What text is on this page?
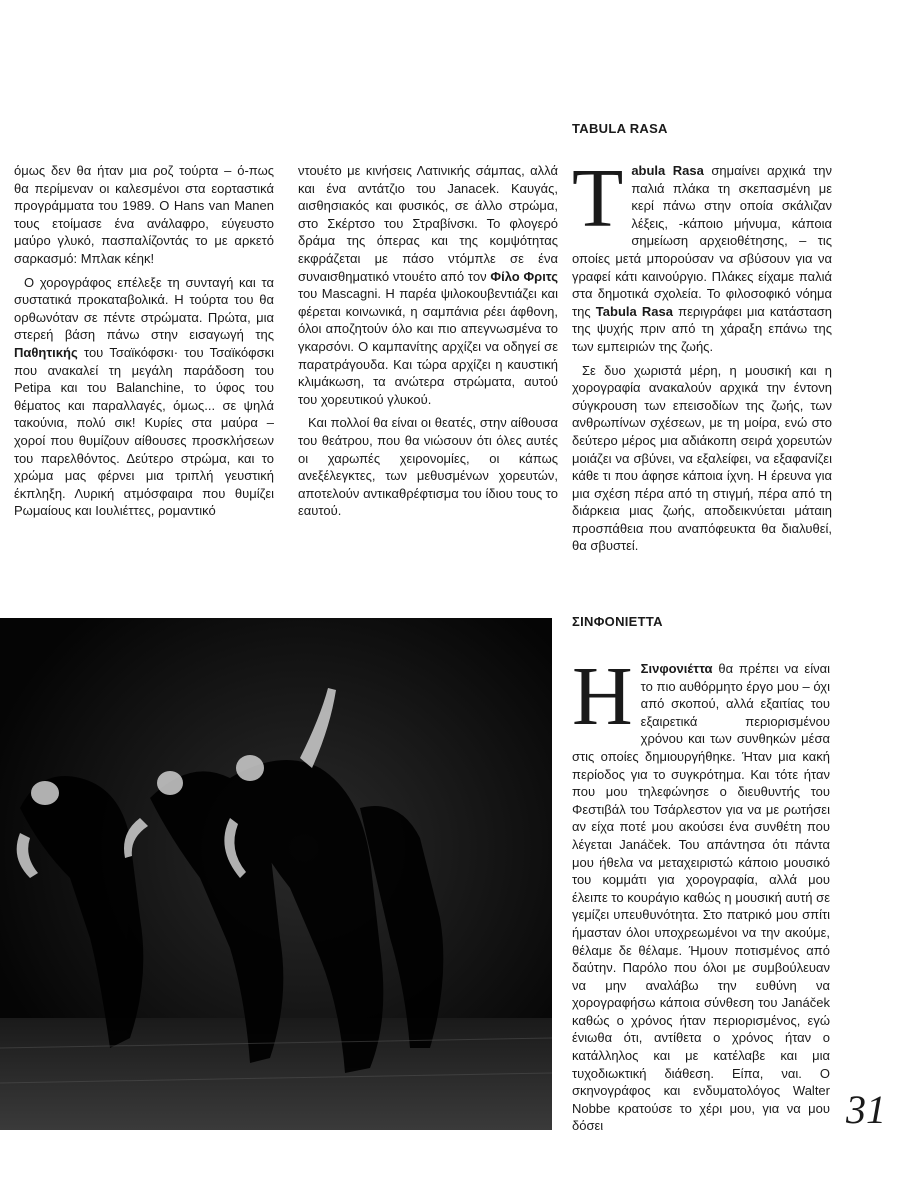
όμως δεν θα ήταν μια ροζ τούρτα – ό-πως θα περίμεναν οι καλεσμένοι στα εορταστικά προγράμματα του 1989. Ο Hans van Manen τους ετοίμασε ένα ανάλαφρο, εύγευστο μαύρο γλυκό, πασπαλίζοντάς το με αρκετό σαρκασμό: Μπλακ κέηκ!

Ο χορογράφος επέλεξε τη συνταγή και τα συστατικά προκαταβολικά. Η τούρτα του θα ορθωνόταν σε πέντε στρώματα. Πρώτα, μια στερεή βάση πάνω στην εισαγωγή της Παθητικής του Τσαϊκόφσκι· του Τσαϊκόφσκι που ανακαλεί τη μεγάλη παράδοση του Petipa και του Balanchine, το ύφος του θέματος και παραλλαγές, όμως... σε ψηλά τακούνια, πολύ σικ! Κυρίες στα μαύρα – χοροί που θυμίζουν αίθουσες προσκλήσεων του παρελθόντος. Δεύτερο στρώμα, και το χρώμα μας φέρνει μια τριπλή γευστική έκπληξη. Λυρική ατμόσφαιρα που θυμίζει Ρωμαίους και Ιουλιέττες, ρομαντικό

ντουέτο με κινήσεις Λατινικής σάμπας, αλλά και ένα αντάτζιο του Janacek. Καυγάς, αισθησιακός και φυσικός, σε άλλο στρώμα, στο Σκέρτσο του Στραβίνσκι. Το φλογερό δράμα της όπερας και της κομψότητας εκφράζεται με πάσο ντόμπλε σε ένα συναισθηματικό ντουέτο από τον Φίλο Φριτς του Mascagni. Η παρέα ψιλοκουβεντιάζει και φέρεται κοινωνικά, η σαμπάνια ρέει άφθονη, όλοι αποζητούν όλο και πιο απεγνωσμένα το γκαρσόνι. Ο καμπανίτης αρχίζει να οδηγεί σε παρατράγουδα. Και τώρα αρχίζει η καυστική κλιμάκωση, τα ανώτερα στρώματα, αυτού του χορευτικού γλυκού.

Και πολλοί θα είναι οι θεατές, στην αίθουσα του θεάτρου, που θα νιώσουν ότι όλες αυτές οι χαρωπές χειρονομίες, οι κάπως ανεξέλεγκτες, των μεθυσμένων χορευτών, αποτελούν αντικαθρέφτισμα του ίδιου τους το εαυτού.

TABULA RASA

Tabula Rasa σημαίνει αρχικά την παλιά πλάκα τη σκεπασμένη με κερί πάνω στην οποία σκάλιζαν λέξεις, -κάποιο μήνυμα, κάποια σημείωση αρχειοθέτησης, – τις οποίες μετά μπορούσαν να σβύσουν για να γραφεί κάτι καινούργιο. Πλάκες είχαμε παλιά στα δημοτικά σχολεία. Το φιλοσοφικό νόημα της Tabula Rasa περιγράφει μια κατάσταση της ψυχής πριν από τη χάραξη επάνω της των εμπειριών της ζωής.

Σε δυο χωριστά μέρη, η μουσική και η χορογραφία ανακαλούν αρχικά την έντονη σύγκρουση των επεισοδίων της ζωής, των ανθρωπίνων σχέσεων, με τη μοίρα, ενώ στο δεύτερο μέρος μια αδιάκοπη σειρά χορευτών μοιάζει να σβύνει, να εξαλείφει, να εξαφανίζει κάθε τι που άφησε κάποια ίχνη. Η έρευνα για μια σχέση πέρα από τη στιγμή, πέρα από τη διάρκεια μιας ζωής, αποδεικνύεται μάταιη προσπάθεια που αναπόφευκτα θα διαλυθεί, θα σβυστεί.

ΣΙΝΦΟΝΙΕΤΤΑ

Η Σινφονιέττα θα πρέπει να είναι το πιο αυθόρμητο έργο μου – όχι από σκοπού, αλλά εξαιτίας του εξαιρετικά περιορισμένου χρόνου και των συνθηκών μέσα στις οποίες δημιουργήθηκε. Ήταν μια κακή περίοδος για το συγκρότημα. Και τότε ήταν που μου τηλεφώνησε ο διευθυντής του Φεστιβάλ του Τσάρλεστον για να με ρωτήσει αν είχα ποτέ μου ακούσει ένα συνθέτη που λέγεται Janáček. Του απάντησα ότι πάντα μου ήθελα να μεταχειριστώ κάποιο μουσικό του κομμάτι για χορογραφία, αλλά μου έλειπε το κουράγιο καθώς η μουσική αυτή σε γεμίζει υπευθυνότητα. Στο πατρικό μου σπίτι ήμασταν όλοι υποχρεωμένοι να την ακούμε, θέλαμε δε θέλαμε. Ήμουν ποτισμένος από δαύτην. Παρόλο που όλοι με συμβούλευαν να μην αναλάβω την ευθύνη να χορογραφήσω κάποια σύνθεση του Janáček καθώς ο χρόνος ήταν περιορισμένος, εγώ ένιωθα ότι, αντίθετα ο χρόνος ήταν ο κατάλληλος και με κατέλαβε και μια τυχοδιωκτική διάθεση. Είπα, ναι. Ο σκηνογράφος και ενδυματολόγος Walter Nobbe κρατούσε το χέρι μου, για να μου δόσει	31
